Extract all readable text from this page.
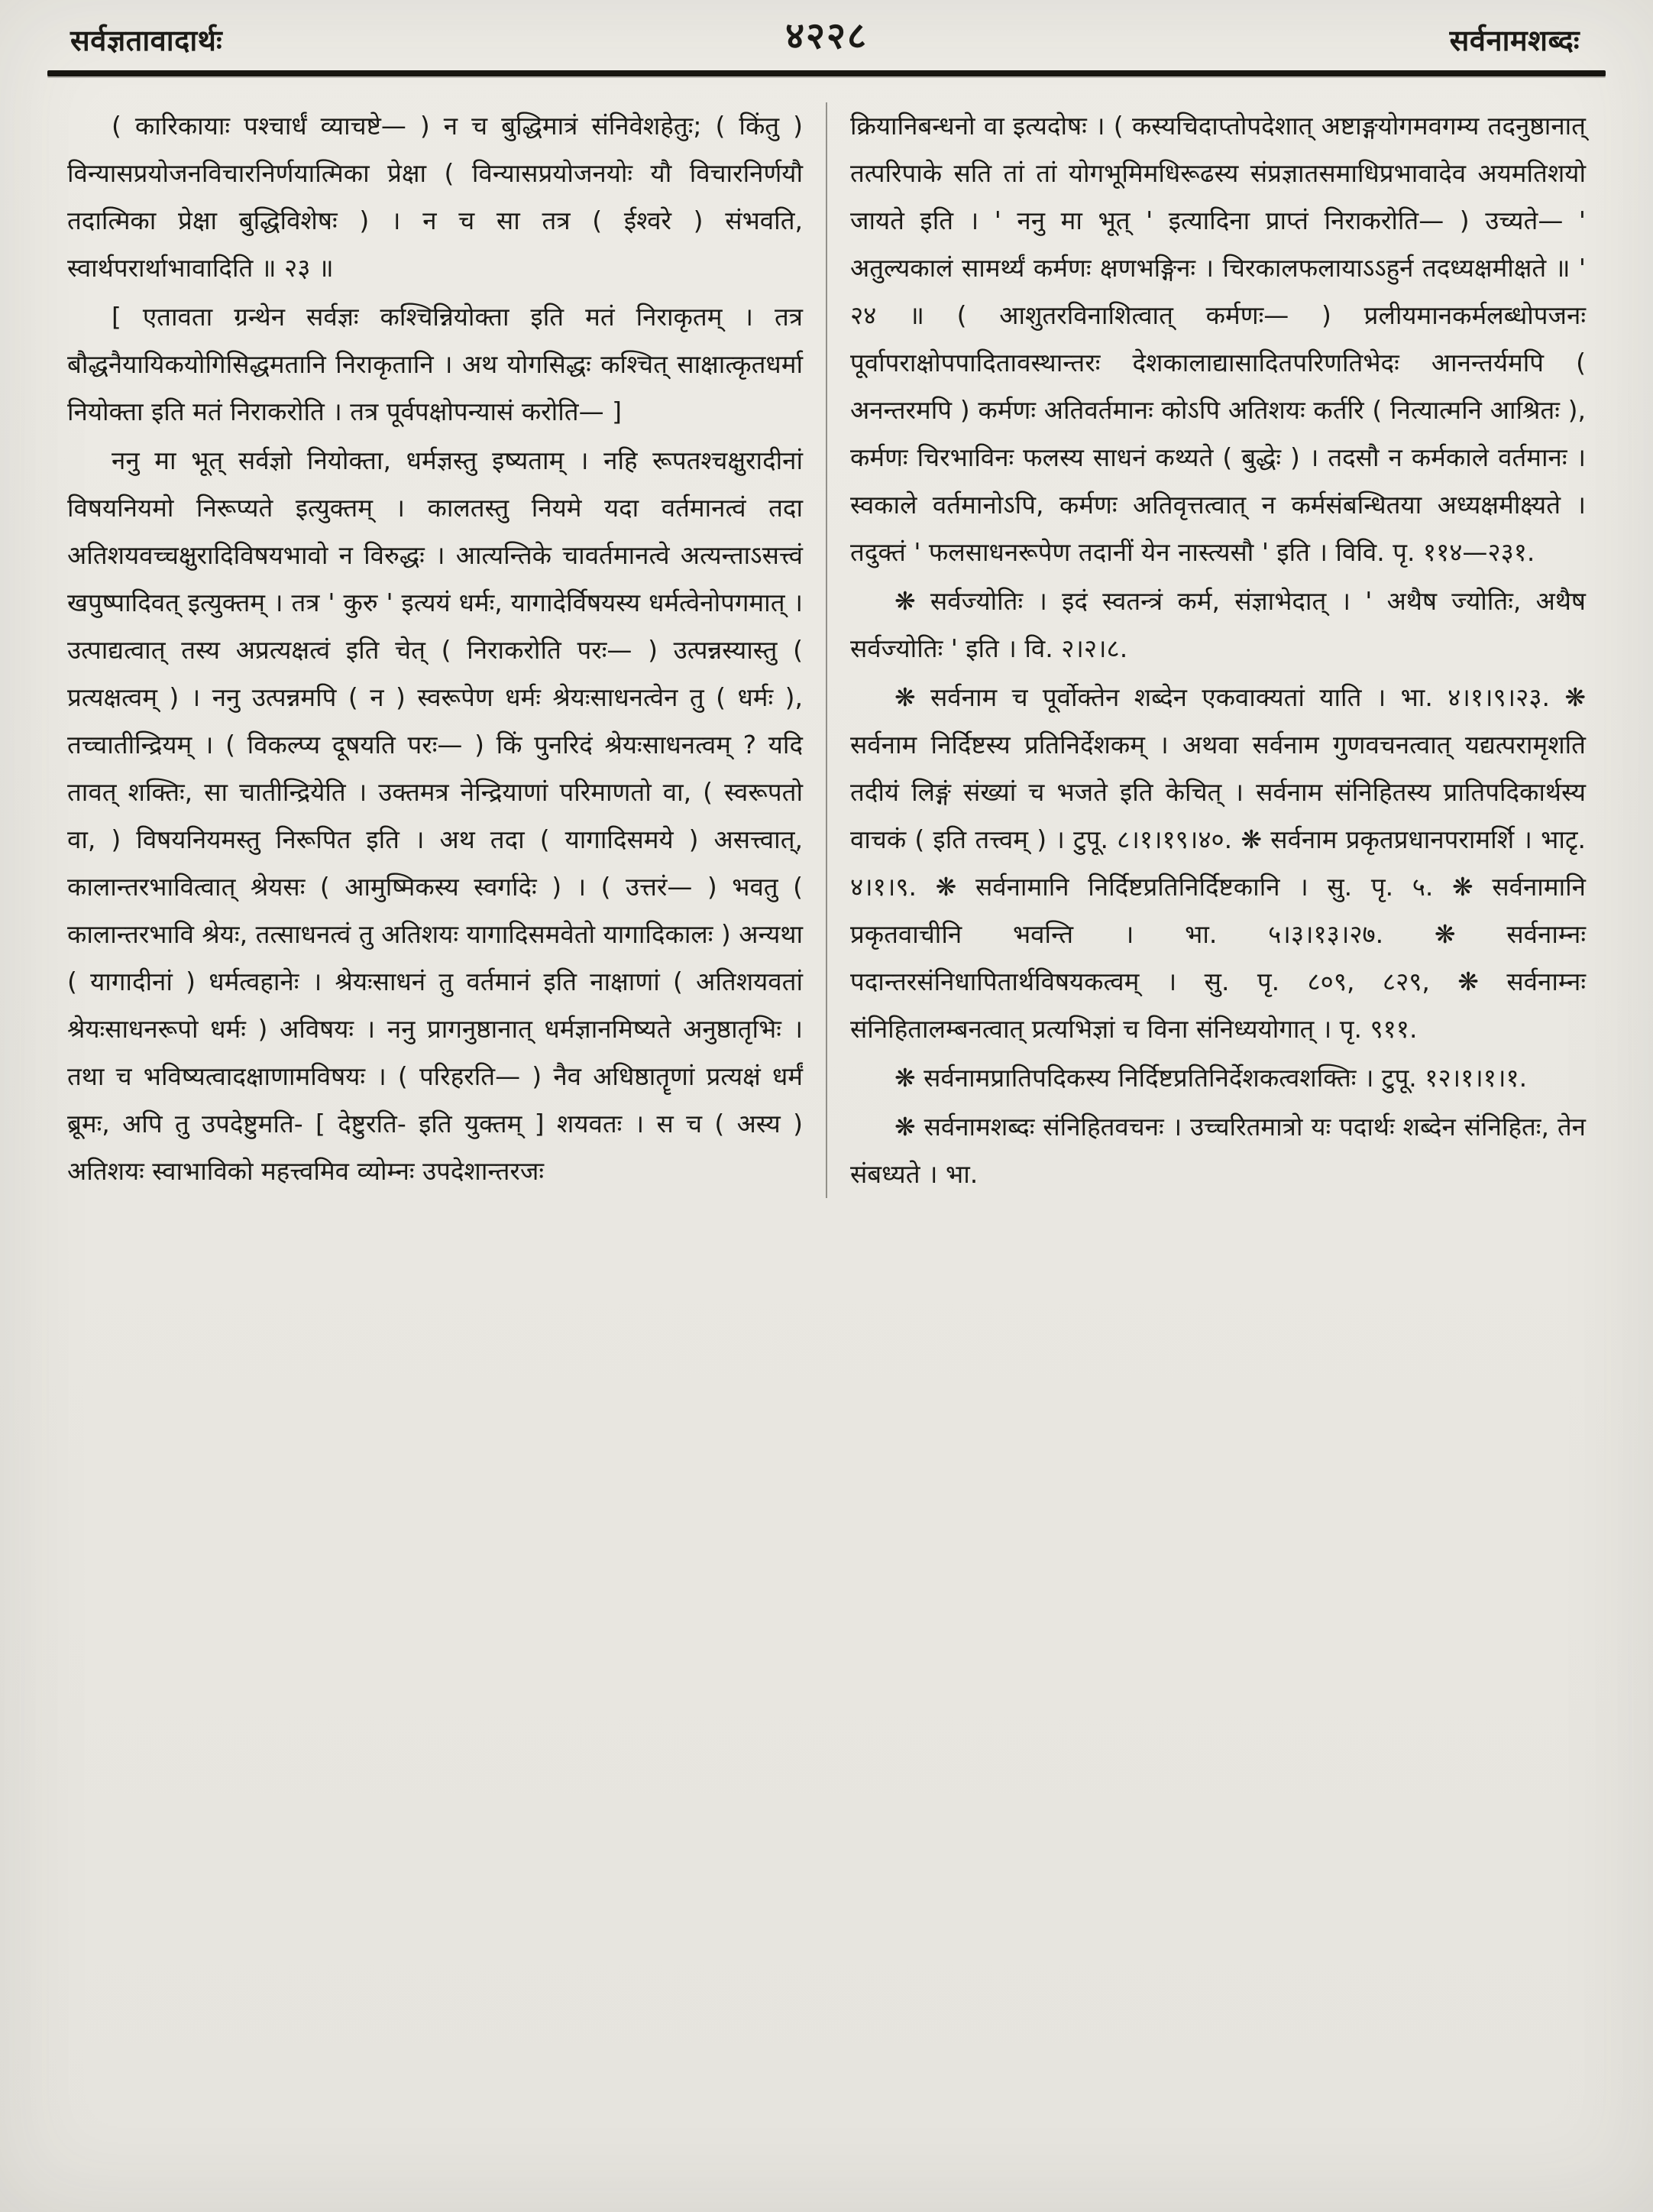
४२२८
सर्वज्ञतावादार्थः	सर्वनामशब्दः

( कारिकायाः पश्चार्धं व्याचष्टे— ) न च बुद्धिमात्रं संनिवेशहेतुः; ( किंतु ) विन्यासप्रयोजनविचारनिर्णयात्मिका प्रेक्षा ( विन्यासप्रयोजनयोः यौ विचारनिर्णयौ तदात्मिका प्रेक्षा बुद्धिविशेषः ) । न च सा तत्र ( ईश्वरे ) संभवति, स्वार्थपरार्थाभावादिति ॥ २३ ॥

[ एतावता ग्रन्थेन सर्वज्ञः कश्चिन्नियोक्ता इति मतं निराकृतम् । तत्र बौद्धनैयायिकयोगिसिद्धमतानि निराकृतानि । अथ योगसिद्धः कश्चित् साक्षात्कृतधर्मा नियोक्ता इति मतं निराकरोति । तत्र पूर्वपक्षोपन्यासं करोति— ]

ननु मा भूत् सर्वज्ञो नियोक्ता, धर्मज्ञस्तु इष्यताम् । नहि रूपतश्चक्षुरादीनां विषयनियमो निरूप्यते इत्युक्तम् । कालतस्तु नियमे यदा वर्तमानत्वं तदा अतिशयवच्चक्षुरादिविषयभावो न विरुद्धः । आत्यन्तिके चावर्तमानत्वे अत्यन्ताऽसत्त्वं खपुष्पादिवत् इत्युक्तम् । तत्र ' कुरु ' इत्ययं धर्मः, यागादेर्विषयस्य धर्मत्वेनोपगमात् । उत्पाद्यत्वात् तस्य अप्रत्यक्षत्वं इति चेत् ( निराकरोति परः— ) उत्पन्नस्यास्तु ( प्रत्यक्षत्वम् ) । ननु उत्पन्नमपि ( न ) स्वरूपेण धर्मः श्रेयःसाधनत्वेन तु ( धर्मः ), तच्चातीन्द्रियम् । ( विकल्प्य दूषयति परः— ) किं पुनरिदं श्रेयःसाधनत्वम् ? यदि तावत् शक्तिः, सा चातीन्द्रियेति । उक्तमत्र नेन्द्रियाणां परिमाणतो वा, ( स्वरूपतो वा, ) विषयनियमस्तु निरूपित इति । अथ तदा ( यागादिसमये ) असत्त्वात्, कालान्तरभावित्वात् श्रेयसः ( आमुष्मिकस्य स्वर्गादेः ) । ( उत्तरं— ) भवतु ( कालान्तरभावि श्रेयः, तत्साधनत्वं तु अतिशयः यागादिसमवेतो यागादिकालः ) अन्यथा ( यागादीनां ) धर्मत्वहानेः । श्रेयःसाधनं तु वर्तमानं इति नाक्षाणां ( अतिशयवतां श्रेयःसाधनरूपो धर्मः ) अविषयः । ननु प्रागनुष्ठानात् धर्मज्ञानमिष्यते अनुष्ठातृभिः । तथा च भविष्यत्वादक्षाणामविषयः । ( परिहरति— ) नैव अधिष्ठातॄणां प्रत्यक्षं धर्मं ब्रूमः, अपि तु उपदेष्टुमति- [ देष्टुरति- इति युक्तम् ] शयवतः । स च ( अस्य ) अतिशयः स्वाभाविको महत्त्वमिव व्योम्नः उपदेशान्तरजः

क्रियानिबन्धनो वा इत्यदोषः । ( कस्यचिदाप्तोपदेशात् अष्टाङ्गयोगमवगम्य तदनुष्ठानात् तत्परिपाके सति तां तां योगभूमिमधिरूढस्य संप्रज्ञातसमाधिप्रभावादेव अयमतिशयो जायते इति । ' ननु मा भूत् ' इत्यादिना प्राप्तं निराकरोति— ) उच्यते— ' अतुल्यकालं सामर्थ्यं कर्मणः क्षणभङ्गिनः । चिरकालफलायाऽऽहुर्न तदध्यक्षमीक्षते ॥ ' २४ ॥ ( आशुतरविनाशित्वात् कर्मणः— ) प्रलीयमानकर्मलब्धोपजनः पूर्वापराक्षोपपादितावस्थान्तरः देशकालाद्यासादितपरिणतिभेदः आनन्तर्यमपि ( अनन्तरमपि ) कर्मणः अतिवर्तमानः कोऽपि अतिशयः कर्तरि ( नित्यात्मनि आश्रितः ), कर्मणः चिरभाविनः फलस्य साधनं कथ्यते ( बुद्धेः ) । तदसौ न कर्मकाले वर्तमानः । स्वकाले वर्तमानोऽपि, कर्मणः अतिवृत्तत्वात् न कर्मसंबन्धितया अध्यक्षमीक्ष्यते । तदुक्तं ' फलसाधनरूपेण तदानीं येन नास्त्यसौ ' इति । विवि. पृ. ११४—२३१.

❋ सर्वज्योतिः । इदं स्वतन्त्रं कर्म, संज्ञाभेदात् । ' अथैष ज्योतिः, अथैष सर्वज्योतिः ' इति । वि. २।२।८.

❋ सर्वनाम च पूर्वोक्तेन शब्देन एकवाक्यतां याति । भा. ४।१।९।२३. ❋ सर्वनाम निर्दिष्टस्य प्रतिनिर्देशकम् । अथवा सर्वनाम गुणवचनत्वात् यद्यत्परामृशति तदीयं लिङ्गं संख्यां च भजते इति केचित् । सर्वनाम संनिहितस्य प्रातिपदिकार्थस्य वाचकं ( इति तत्त्वम् ) । टुपू. ८।१।१९।४०. ❋ सर्वनाम प्रकृतप्रधानपरामर्शि । भाटृ. ४।१।९. ❋ सर्वनामानि निर्दिष्टप्रतिनिर्दिष्टकानि । सु. पृ. ५. ❋ सर्वनामानि प्रकृतवाचीनि भवन्ति । भा. ५।३।१३।२७. ❋ सर्वनाम्नः पदान्तरसंनिधापितार्थविषयकत्वम् । सु. पृ. ८०९, ८२९, ❋ सर्वनाम्नः संनिहितालम्बनत्वात् प्रत्यभिज्ञां च विना संनिध्ययोगात् । पृ. ९११.

❋ सर्वनामप्रातिपदिकस्य निर्दिष्टप्रतिनिर्देशकत्वशक्तिः । टुपू. १२।१।१।१.

❋ सर्वनामशब्दः संनिहितवचनः । उच्चरितमात्रो यः पदार्थः शब्देन संनिहितः, तेन संबध्यते । भा.
